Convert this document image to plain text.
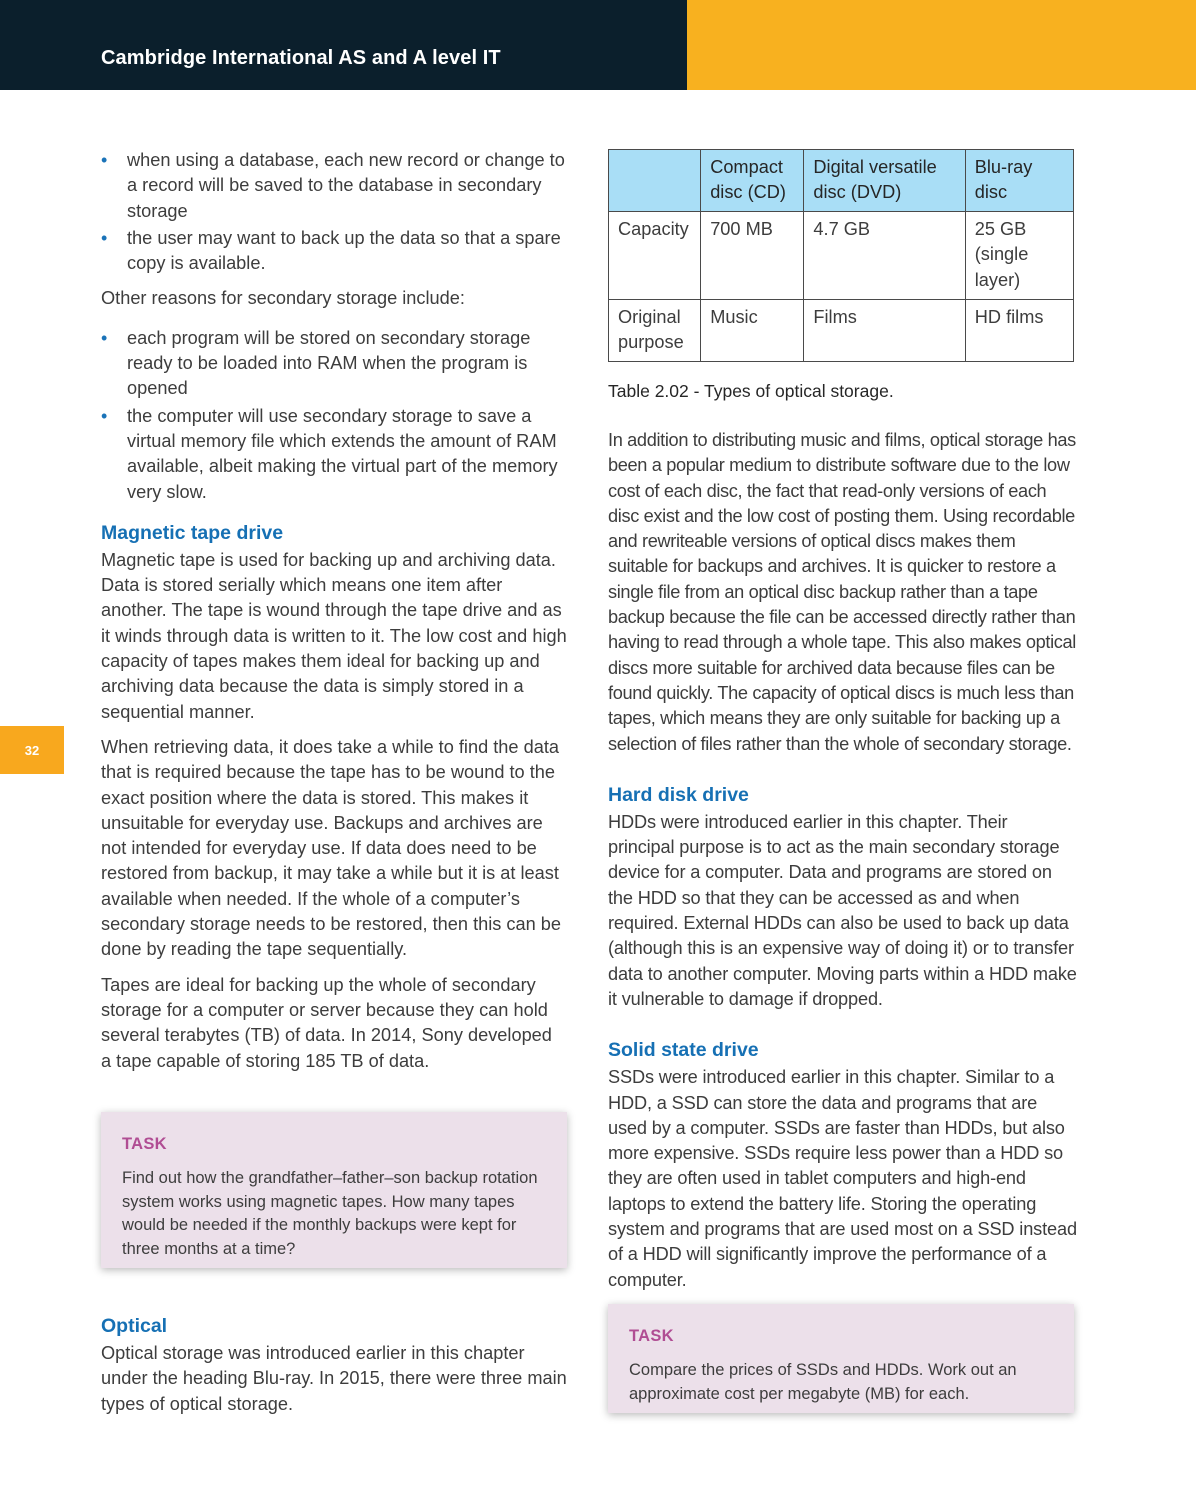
Cambridge International AS and A level IT
32
• when using a database, each new record or change to a record will be saved to the database in secondary storage
• the user may want to back up the data so that a spare copy is available.

Other reasons for secondary storage include:

• each program will be stored on secondary storage ready to be loaded into RAM when the program is opened
• the computer will use secondary storage to save a virtual memory file which extends the amount of RAM available, albeit making the virtual part of the memory very slow.
Magnetic tape drive

Magnetic tape is used for backing up and archiving data. Data is stored serially which means one item after another. The tape is wound through the tape drive and as it winds through data is written to it. The low cost and high capacity of tapes makes them ideal for backing up and archiving data because the data is simply stored in a sequential manner.

When retrieving data, it does take a while to find the data that is required because the tape has to be wound to the exact position where the data is stored. This makes it unsuitable for everyday use. Backups and archives are not intended for everyday use. If data does need to be restored from backup, it may take a while but it is at least available when needed. If the whole of a computer’s secondary storage needs to be restored, then this can be done by reading the tape sequentially.

Tapes are ideal for backing up the whole of secondary storage for a computer or server because they can hold several terabytes (TB) of data. In 2014, Sony developed a tape capable of storing 185 TB of data.

TASK

Find out how the grandfather–father–son backup rotation system works using magnetic tapes. How many tapes would be needed if the monthly backups were kept for three months at a time?

Optical

Optical storage was introduced earlier in this chapter under the heading Blu-ray. In 2015, there were three main types of optical storage.

	Compact disc (CD)	Digital versatile disc (DVD)	Blu-ray disc
Capacity	700 MB	4.7 GB	25 GB (single layer)
Original purpose	Music	Films	HD films
Table 2.02 - Types of optical storage.

In addition to distributing music and films, optical storage has been a popular medium to distribute software due to the low cost of each disc, the fact that read-only versions of each disc exist and the low cost of posting them. Using recordable and rewriteable versions of optical discs makes them suitable for backups and archives. It is quicker to restore a single file from an optical disc backup rather than a tape backup because the file can be accessed directly rather than having to read through a whole tape. This also makes optical discs more suitable for archived data because files can be found quickly. The capacity of optical discs is much less than tapes, which means they are only suitable for backing up a selection of files rather than the whole of secondary storage.

Hard disk drive

HDDs were introduced earlier in this chapter. Their principal purpose is to act as the main secondary storage device for a computer. Data and programs are stored on the HDD so that they can be accessed as and when required. External HDDs can also be used to back up data (although this is an expensive way of doing it) or to transfer data to another computer. Moving parts within a HDD make it vulnerable to damage if dropped.

Solid state drive

SSDs were introduced earlier in this chapter. Similar to a HDD, a SSD can store the data and programs that are used by a computer. SSDs are faster than HDDs, but also more expensive. SSDs require less power than a HDD so they are often used in tablet computers and high-end laptops to extend the battery life. Storing the operating system and programs that are used most on a SSD instead of a HDD will significantly improve the performance of a computer.

TASK

Compare the prices of SSDs and HDDs. Work out an approximate cost per megabyte (MB) for each.
